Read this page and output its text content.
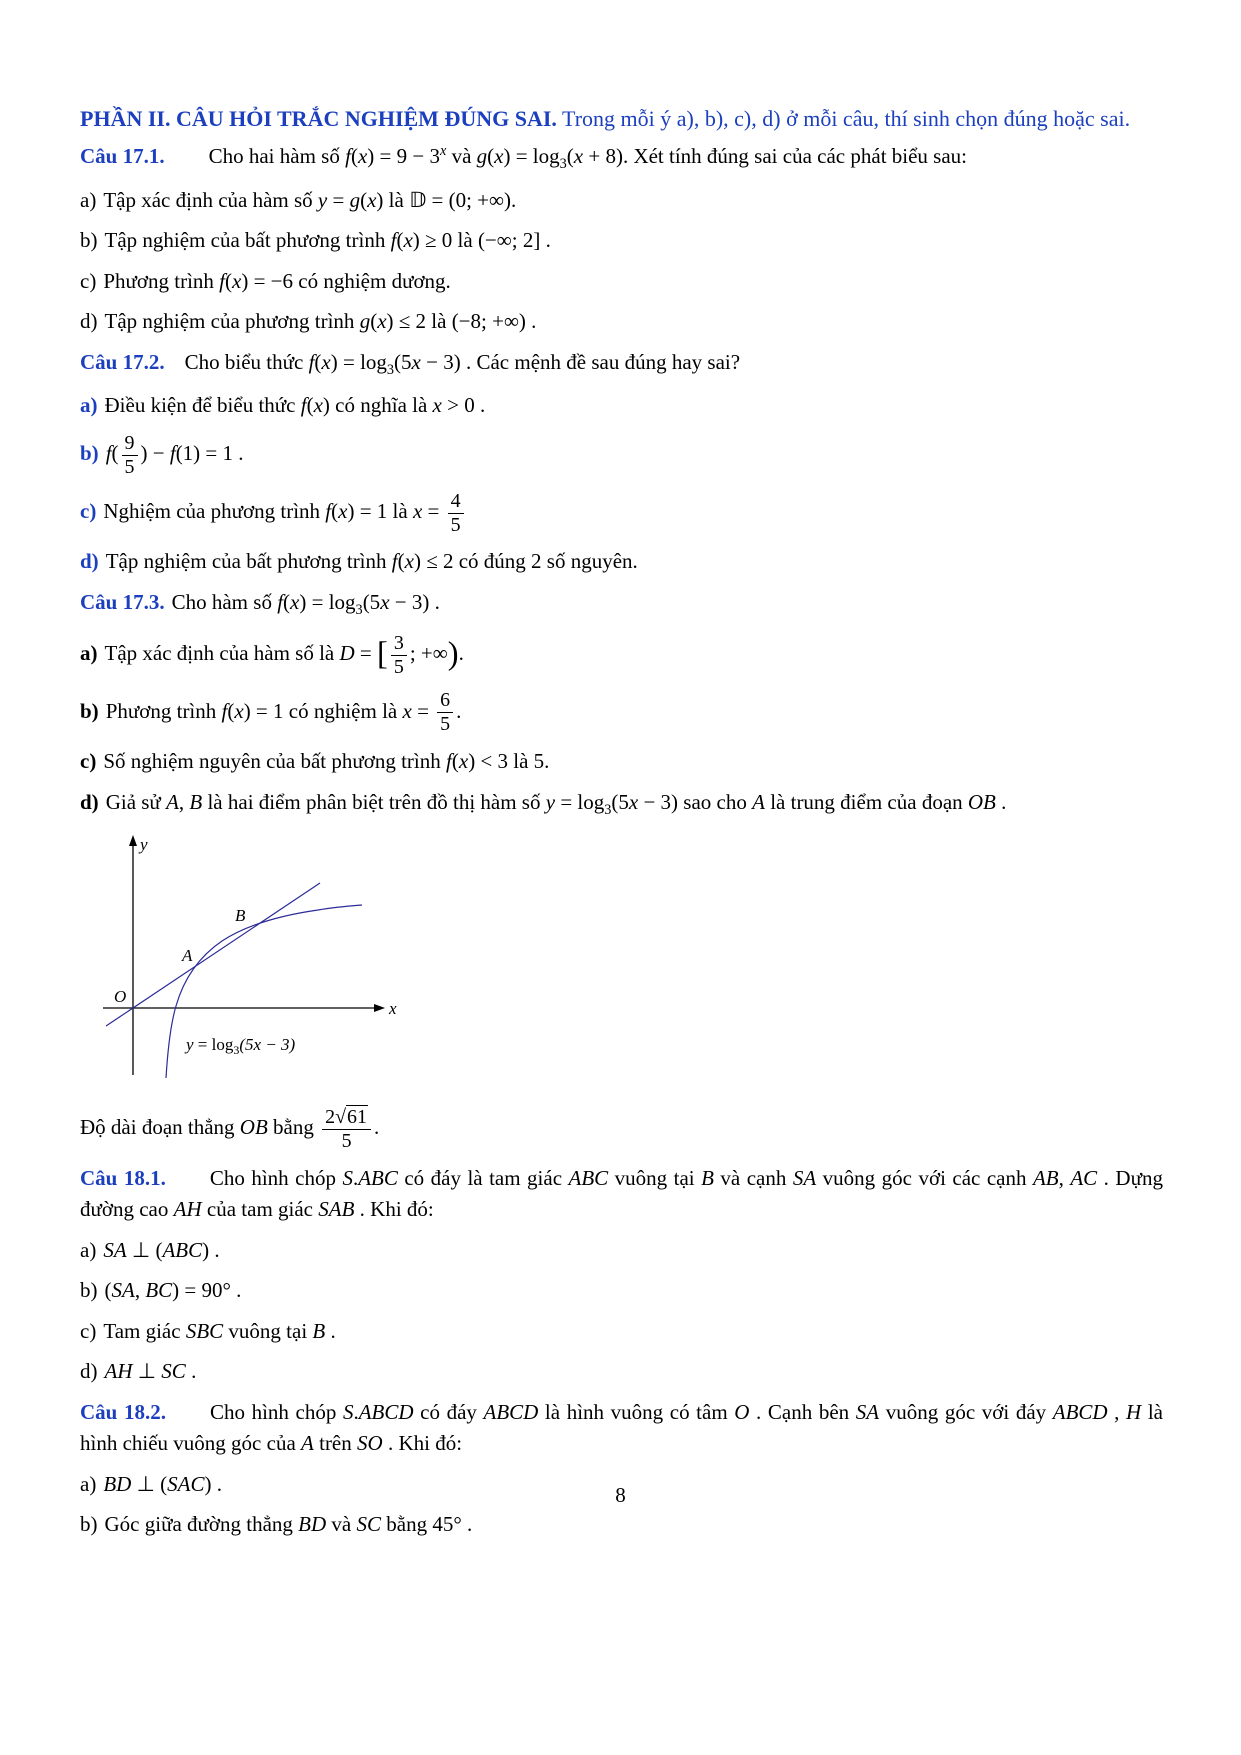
PHẦN II. CÂU HỎI TRẮC NGHIỆM ĐÚNG SAI. Trong mỗi ý a), b), c), d) ở mỗi câu, thí sinh chọn đúng hoặc sai.

Câu 17.1. Cho hai hàm số $f(x) = 9 - 3^x$ và $g(x) = \log_3(x + 8)$. Xét tính đúng sai của các phát biểu sau:

a) Tập xác định của hàm số y = g(x) là 𝔻 = (0; +∞).

b) Tập nghiệm của bất phương trình f(x) ≥ 0 là (−∞; 2] .

c) Phương trình f(x) = −6 có nghiệm dương.

d) Tập nghiệm của phương trình g(x) ≤ 2 là (−8; +∞) .

Câu 17.2. Cho biểu thức $f(x) = \log_3(5x - 3)$ . Các mệnh đề sau đúng hay sai?

a) Điều kiện để biểu thức f(x) có nghĩa là x > 0 .

b) $f( \frac{9}{5}$ ) − f(1) = 1 .

c) Nghiệm của phương trình f(x) = 1 là $x = \frac{4}{5}$

d) Tập nghiệm của bất phương trình f(x) ≤ 2 có đúng 2 số nguyên.

Câu 17.3. Cho hàm số $f(x) = \log_3(5x - 3)$ .

a) Tập xác định của hàm số là D = [ $\frac{3}{5}$ ; +∞).

b) Phương trình f(x) = 1 có nghiệm là $x = \frac{6}{5}$ .

c) Số nghiệm nguyên của bất phương trình f(x) < 3 là 5.

d) Giả sử A, B là hai điểm phân biệt trên đồ thị hàm số $y = \log_3(5x - 3)$ sao cho A là trung điểm của đoạn OB .

y
x
O
A
B
$y = \log_3(5x - 3)$

Độ dài đoạn thẳng OB bằng $\frac{2√61}{5}$ .

Câu 18.1. Cho hình chóp S.ABC có đáy là tam giác ABC vuông tại B và cạnh SA vuông góc với các cạnh AB, AC . Dựng đường cao AH của tam giác SAB . Khi đó:

a) SA ⊥ (ABC) .

b) (SA, BC) = 90° .

c) Tam giác SBC vuông tại B .

d) AH ⊥ SC .

Câu 18.2. Cho hình chóp S.ABCD có đáy ABCD là hình vuông có tâm O . Cạnh bên SA vuông góc với đáy ABCD , H là hình chiếu vuông góc của A trên SO . Khi đó:

a) BD ⊥ (SAC) .

b) Góc giữa đường thẳng BD và SC bằng 45° .

8
